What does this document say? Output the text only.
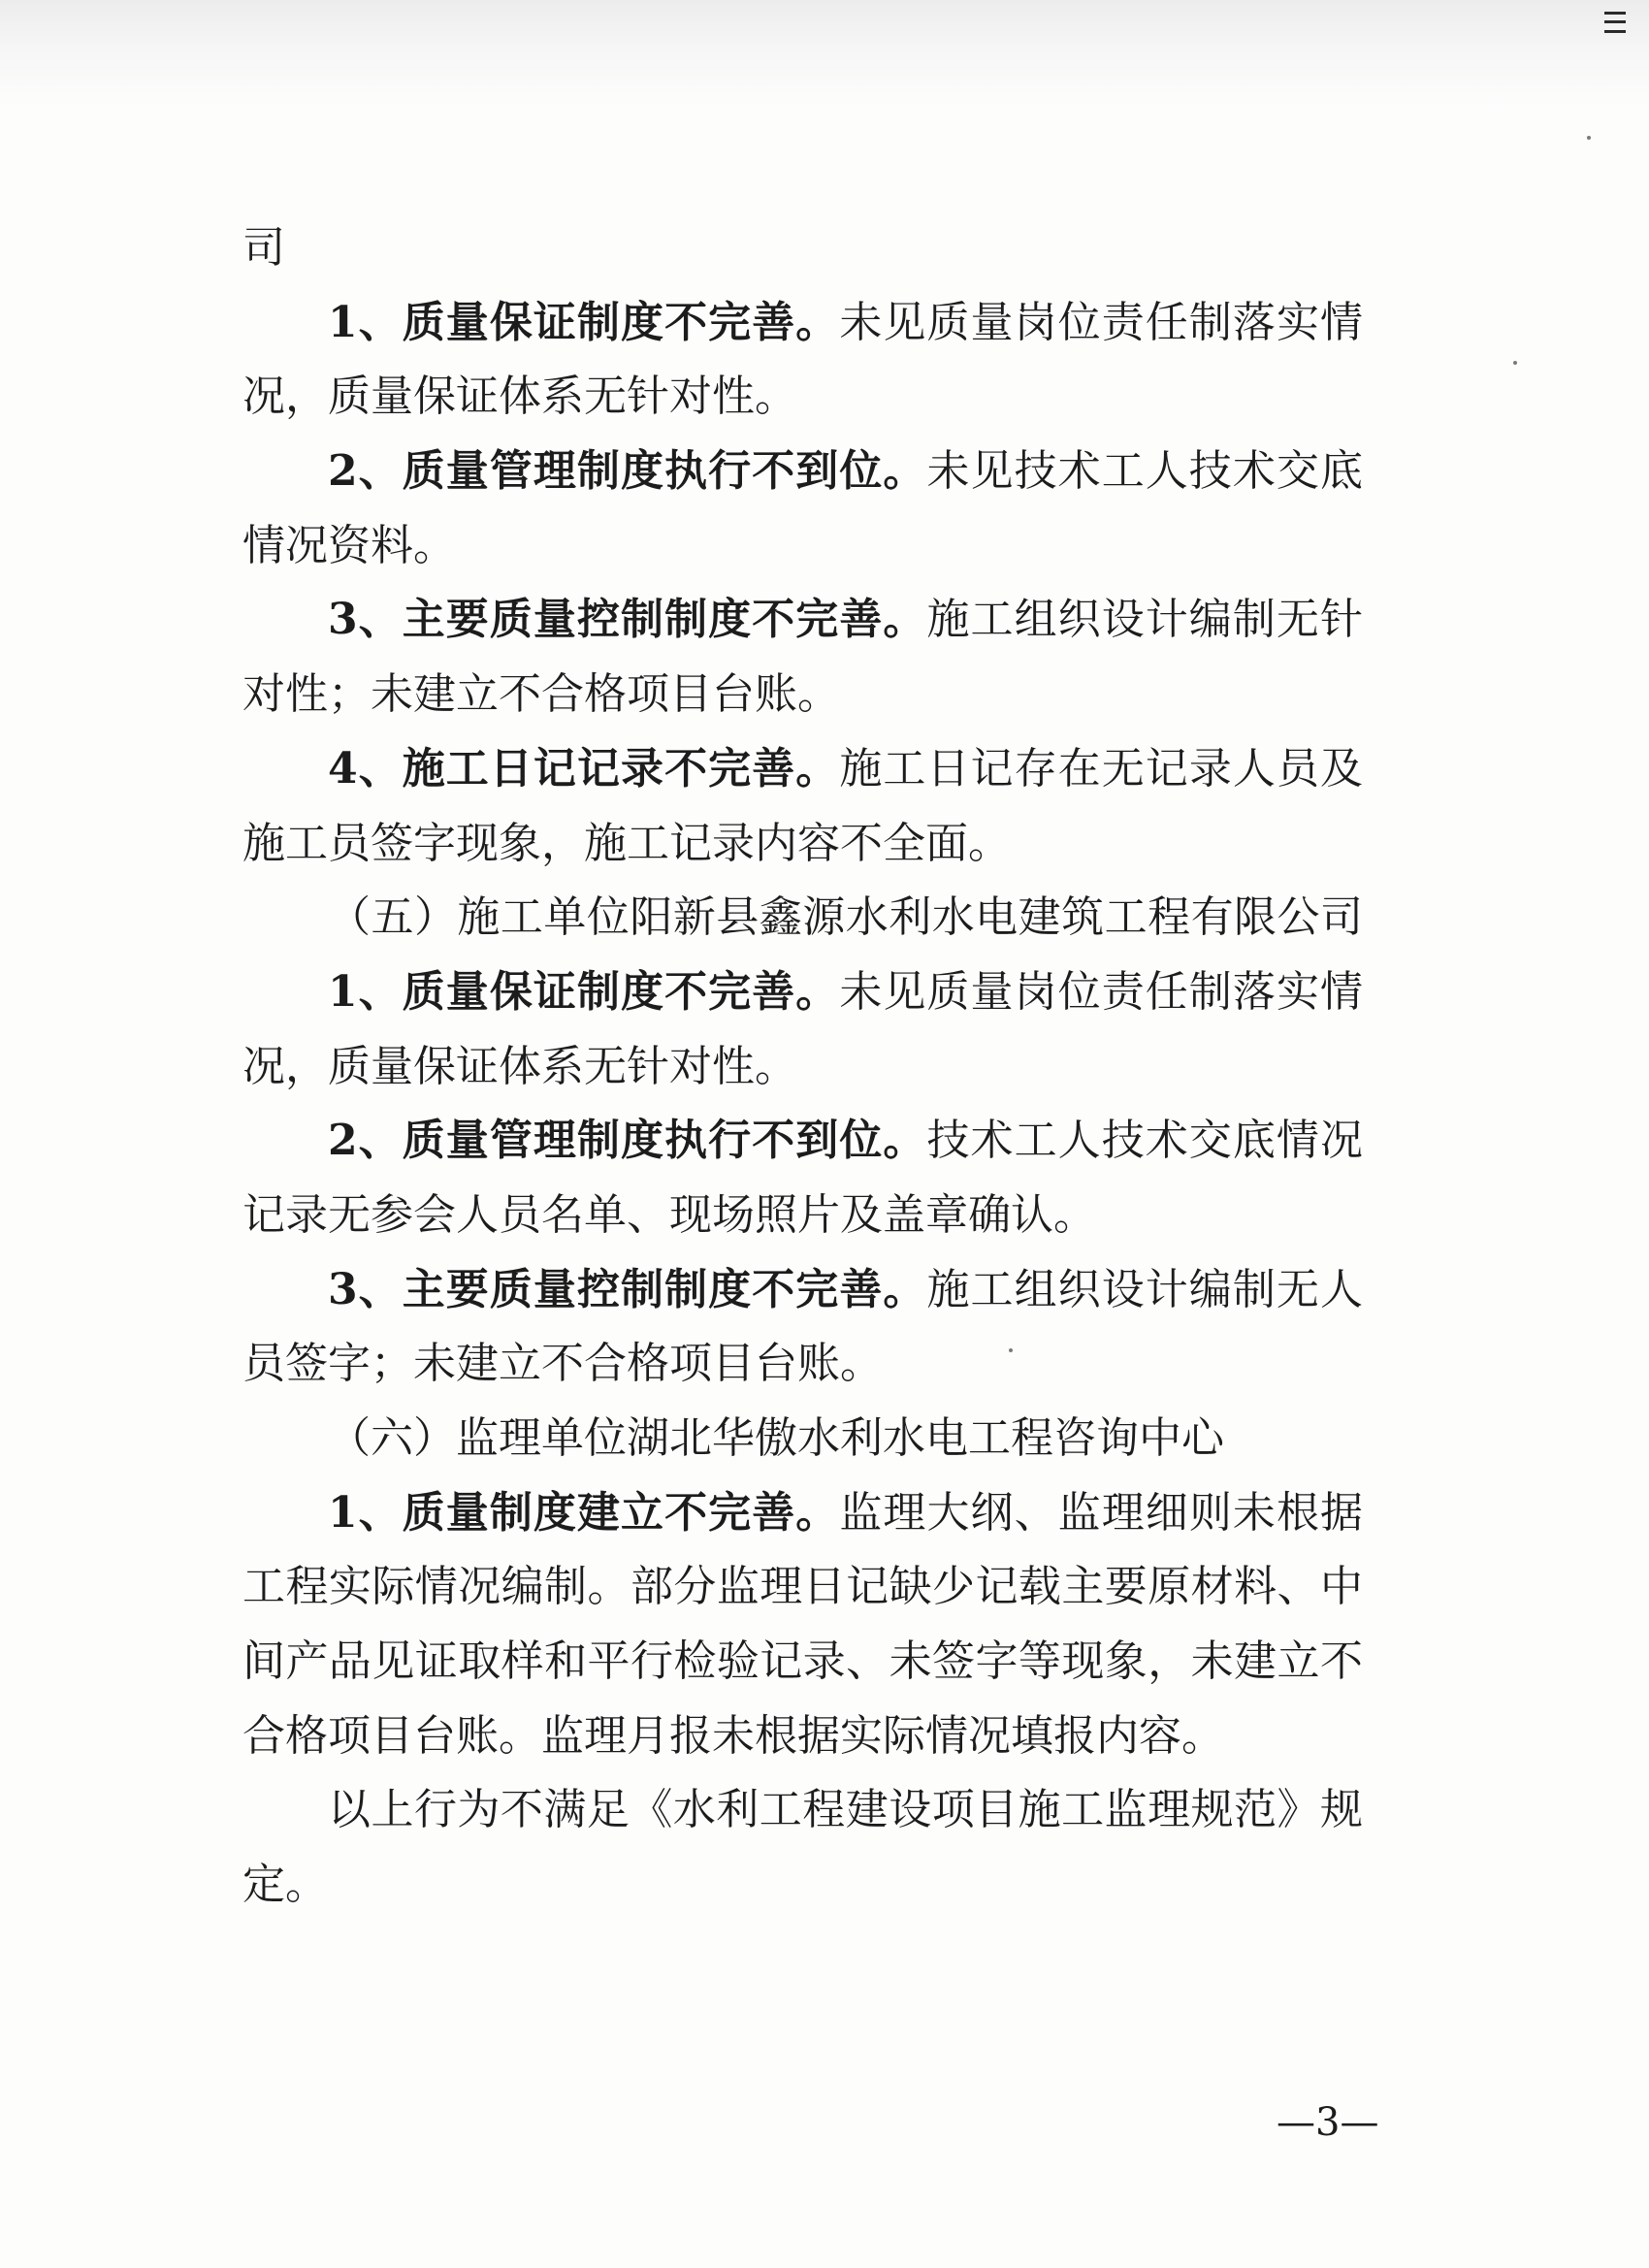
司
1、质量保证制度不完善。未见质量岗位责任制落实情
况，质量保证体系无针对性。
2、质量管理制度执行不到位。未见技术工人技术交底
情况资料。
3、主要质量控制制度不完善。施工组织设计编制无针
对性；未建立不合格项目台账。
4、施工日记记录不完善。施工日记存在无记录人员及
施工员签字现象，施工记录内容不全面。
（五）施工单位阳新县鑫源水利水电建筑工程有限公司
1、质量保证制度不完善。未见质量岗位责任制落实情
况，质量保证体系无针对性。
2、质量管理制度执行不到位。技术工人技术交底情况
记录无参会人员名单、现场照片及盖章确认。
3、主要质量控制制度不完善。施工组织设计编制无人
员签字；未建立不合格项目台账。
（六）监理单位湖北华傲水利水电工程咨询中心
1、质量制度建立不完善。监理大纲、监理细则未根据
工程实际情况编制。部分监理日记缺少记载主要原材料、中
间产品见证取样和平行检验记录、未签字等现象，未建立不
合格项目台账。监理月报未根据实际情况填报内容。
以上行为不满足《水利工程建设项目施工监理规范》规
定。
—3—
